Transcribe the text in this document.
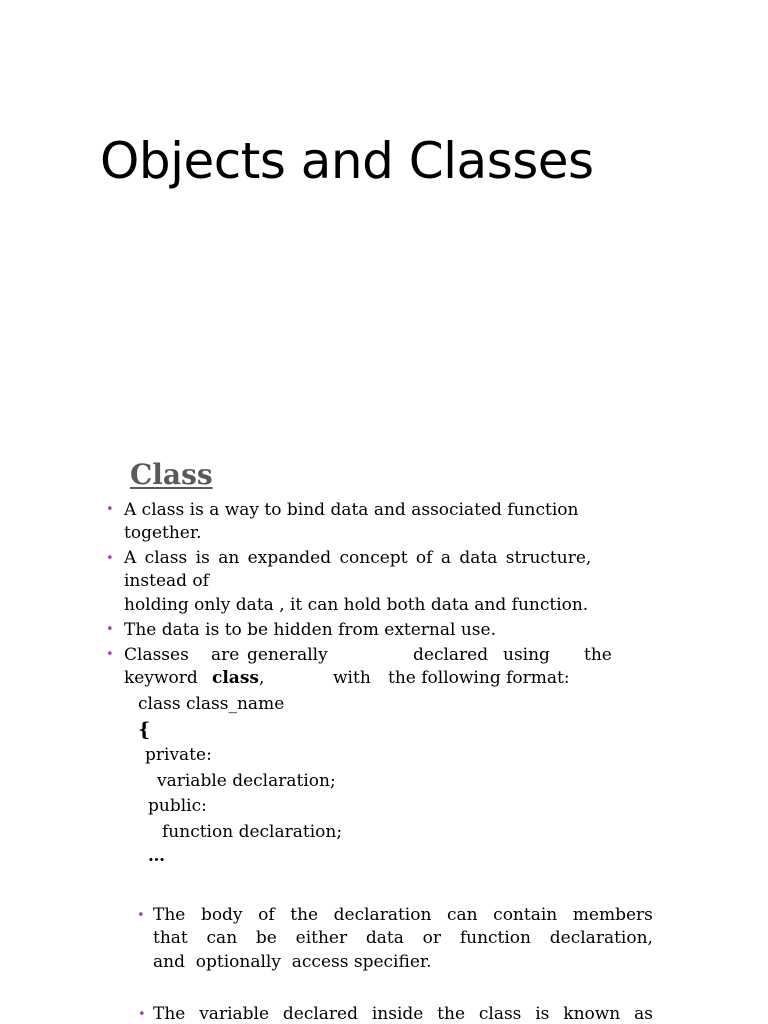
Objects and Classes
Class
• A class is a way to bind data and associated function
together.
• A class is an expanded concept of a data structure,
instead of
holding only data , it can hold both data and function.
• The data is to be hidden from external use.
• Classes are generally	declared using the
keyword class,	with the following format:
class class_name
{
private:
variable declaration;
public:
function declaration;
…
• The body of the declaration can contain members
that can be either data or function declaration,
and  optionally  access specifier.
• The variable declared inside the class is known as
